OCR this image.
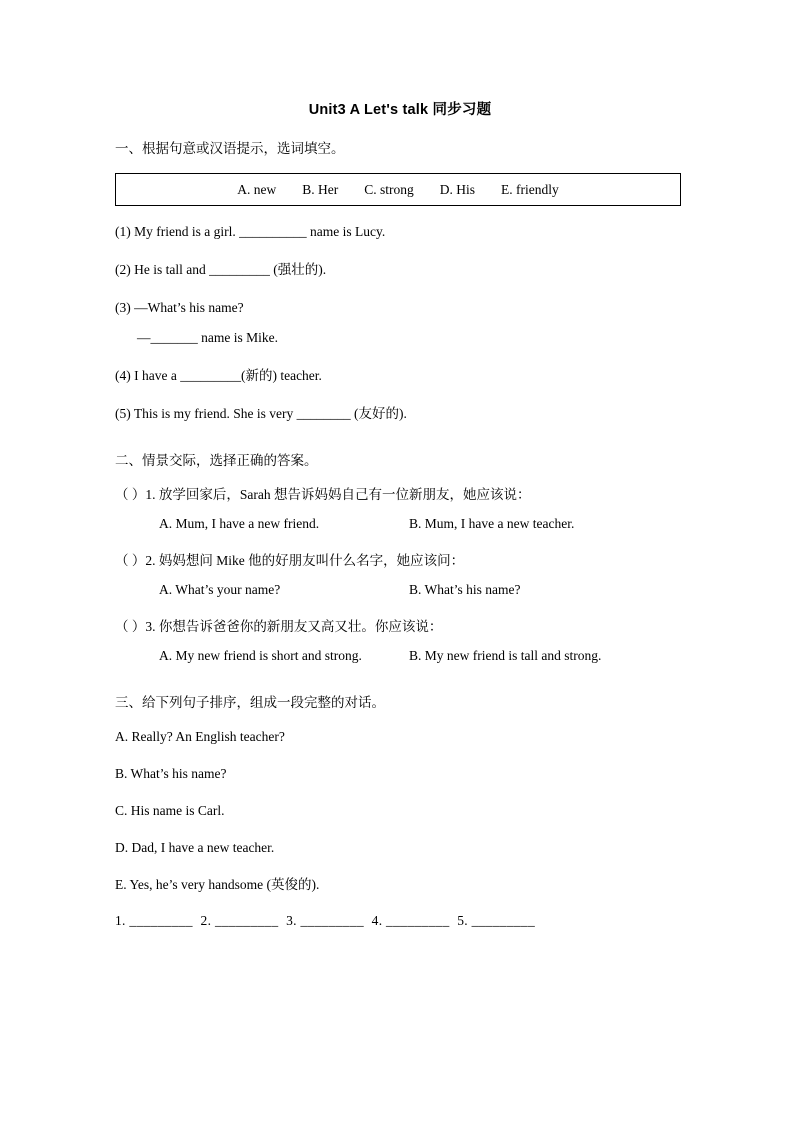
Unit3 A Let's talk 同步习题
一、根据句意或汉语提示，选词填空。
A. new B. Her C. strong D. His E. friendly
(1) My friend is a girl. __________ name is Lucy.
(2) He is tall and _________ (强壮的).
(3) —What’s his name?
—_______ name is Mike.
(4) I have a _________(新的) teacher.
(5) This is my friend. She is very ________ (友好的).
二、情景交际，选择正确的答案。
（ ）1. 放学回家后，Sarah 想告诉妈妈自己有一位新朋友，她应该说：
A. Mum, I have a new friend.	B. Mum, I have a new teacher.
（ ）2. 妈妈想问 Mike 他的好朋友叫什么名字，她应该问：
A. What’s your name?	B. What’s his name?
（ ）3. 你想告诉爸爸你的新朋友又高又壮。你应该说：
A. My new friend is short and strong.	B. My new friend is tall and strong.
三、给下列句子排序，组成一段完整的对话。
A. Really? An English teacher?
B. What’s his name?
C. His name is Carl.
D. Dad, I have a new teacher.
E. Yes, he’s very handsome (英俊的).
1. _________ 2. _________ 3. _________ 4. _________ 5. _________
